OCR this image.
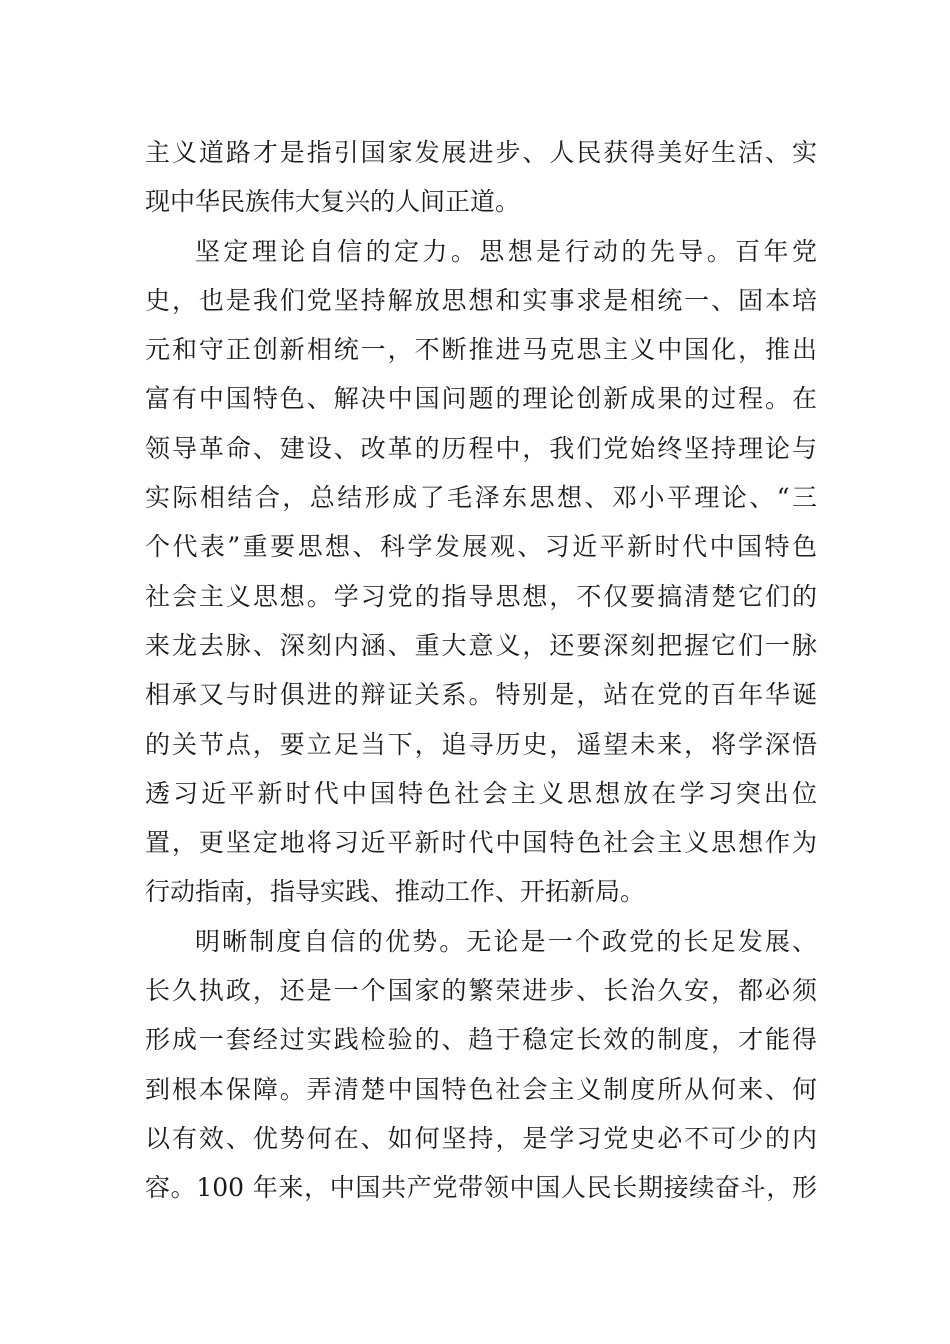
主义道路才是指引国家发展进步、人民获得美好生活、实
现中华民族伟大复兴的人间正道。
坚定理论自信的定力。思想是行动的先导。百年党
史，也是我们党坚持解放思想和实事求是相统一、固本培
元和守正创新相统一，不断推进马克思主义中国化，推出
富有中国特色、解决中国问题的理论创新成果的过程。在
领导革命、建设、改革的历程中，我们党始终坚持理论与
实际相结合，总结形成了毛泽东思想、邓小平理论、“三
个代表”重要思想、科学发展观、习近平新时代中国特色
社会主义思想。学习党的指导思想，不仅要搞清楚它们的
来龙去脉、深刻内涵、重大意义，还要深刻把握它们一脉
相承又与时俱进的辩证关系。特别是，站在党的百年华诞
的关节点，要立足当下，追寻历史，遥望未来，将学深悟
透习近平新时代中国特色社会主义思想放在学习突出位
置，更坚定地将习近平新时代中国特色社会主义思想作为
行动指南，指导实践、推动工作、开拓新局。
明晰制度自信的优势。无论是一个政党的长足发展、
长久执政，还是一个国家的繁荣进步、长治久安，都必须
形成一套经过实践检验的、趋于稳定长效的制度，才能得
到根本保障。弄清楚中国特色社会主义制度所从何来、何
以有效、优势何在、如何坚持，是学习党史必不可少的内
容。100 年来，中国共产党带领中国人民长期接续奋斗，形
